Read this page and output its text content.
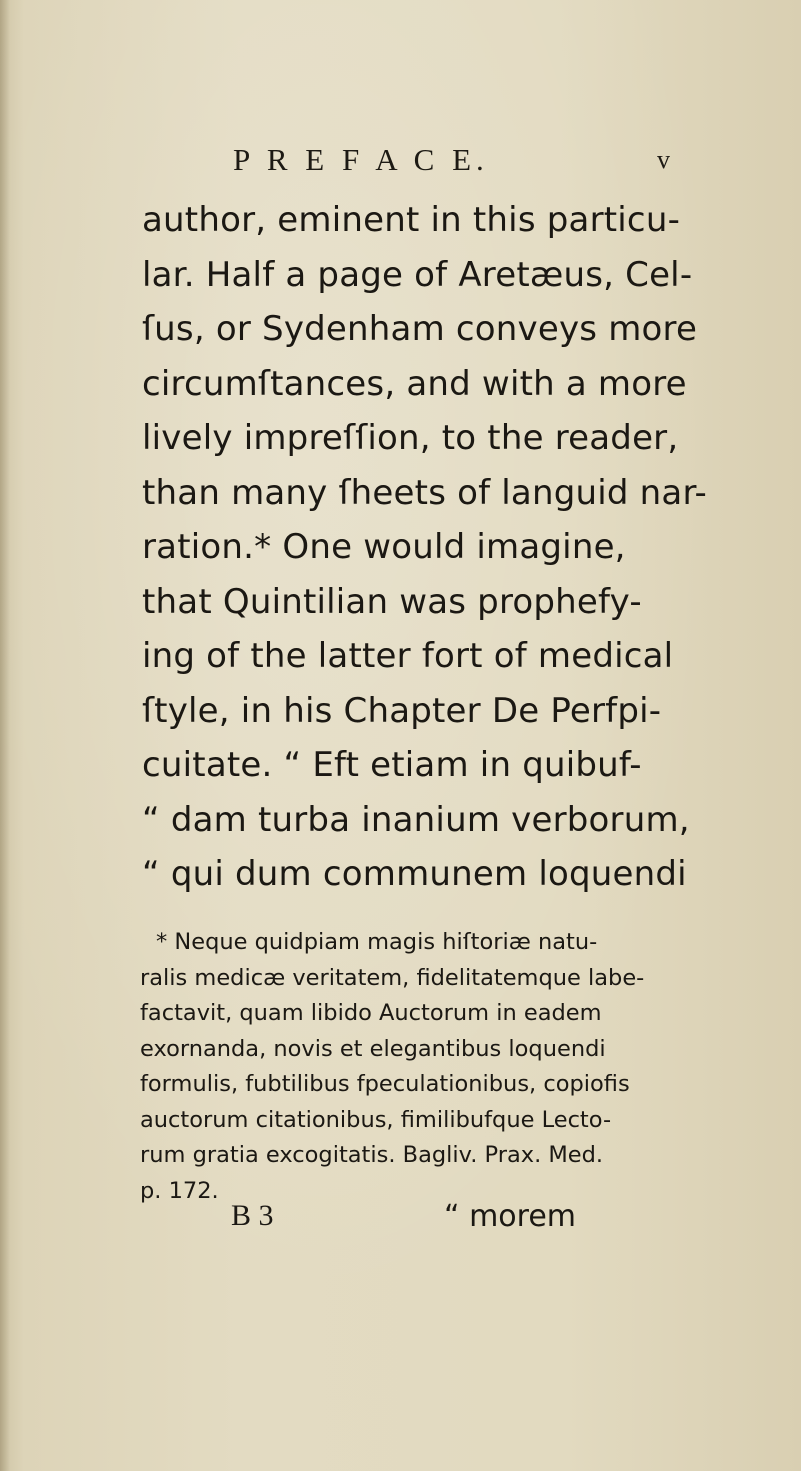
P R E F A C E.	v
author, eminent in this particu-
lar. Half a page of Aretæus, Cel-
ſus, or Sydenham conveys more
circumſtances, and with a more
lively impreſſion, to the reader,
than many ſheets of languid nar-
ration.* One would imagine,
that Quintilian was prophefy-
ing of the latter fort of medical
ſtyle, in his Chapter De Perfpi-
cuitate. “ Eft etiam in quibuf-
“ dam turba inanium verborum,
“ qui dum communem loquendi
* Neque quidpiam magis hiſtoriæ natu-
ralis medicæ veritatem, fidelitatemque labe-
factavit, quam libido Auctorum in eadem
exornanda, novis et elegantibus loquendi
formulis, fubtilibus fpeculationibus, copiofis
auctorum citationibus, fimilibufque Lecto-
rum gratia excogitatis. Bagliv. Prax. Med.
p. 172.
B 3	“ morem
